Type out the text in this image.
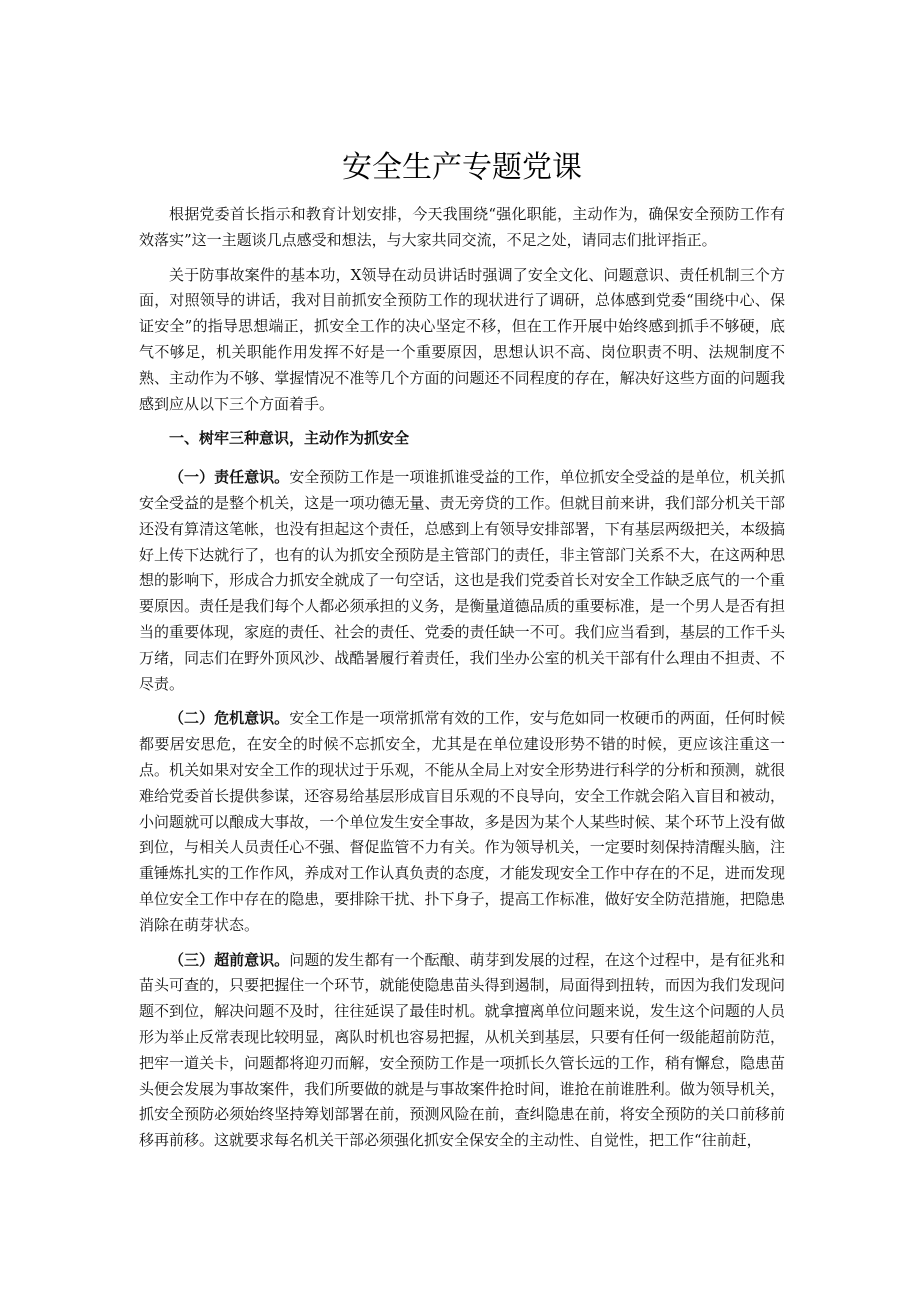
安全生产专题党课

根据党委首长指示和教育计划安排，今天我围绕“强化职能，主动作为，确保安全预防工作有效落实”这一主题谈几点感受和想法，与大家共同交流，不足之处，请同志们批评指正。

关于防事故案件的基本功，X领导在动员讲话时强调了安全文化、问题意识、责任机制三个方面，对照领导的讲话，我对目前抓安全预防工作的现状进行了调研，总体感到党委“围绕中心、保证安全”的指导思想端正，抓安全工作的决心坚定不移，但在工作开展中始终感到抓手不够硬，底气不够足，机关职能作用发挥不好是一个重要原因，思想认识不高、岗位职责不明、法规制度不熟、主动作为不够、掌握情况不准等几个方面的问题还不同程度的存在，解决好这些方面的问题我感到应从以下三个方面着手。

一、树牢三种意识，主动作为抓安全

（一）责任意识。安全预防工作是一项谁抓谁受益的工作，单位抓安全受益的是单位，机关抓安全受益的是整个机关，这是一项功德无量、责无旁贷的工作。但就目前来讲，我们部分机关干部还没有算清这笔帐，也没有担起这个责任，总感到上有领导安排部署，下有基层两级把关，本级搞好上传下达就行了，也有的认为抓安全预防是主管部门的责任，非主管部门关系不大，在这两种思想的影响下，形成合力抓安全就成了一句空话，这也是我们党委首长对安全工作缺乏底气的一个重要原因。责任是我们每个人都必须承担的义务，是衡量道德品质的重要标准，是一个男人是否有担当的重要体现，家庭的责任、社会的责任、党委的责任缺一不可。我们应当看到，基层的工作千头万绪，同志们在野外顶风沙、战酷暑履行着责任，我们坐办公室的机关干部有什么理由不担责、不尽责。

（二）危机意识。安全工作是一项常抓常有效的工作，安与危如同一枚硬币的两面，任何时候都要居安思危，在安全的时候不忘抓安全，尤其是在单位建设形势不错的时候，更应该注重这一点。机关如果对安全工作的现状过于乐观，不能从全局上对安全形势进行科学的分析和预测，就很难给党委首长提供参谋，还容易给基层形成盲目乐观的不良导向，安全工作就会陷入盲目和被动，小问题就可以酿成大事故，一个单位发生安全事故，多是因为某个人某些时候、某个环节上没有做到位，与相关人员责任心不强、督促监管不力有关。作为领导机关，一定要时刻保持清醒头脑，注重锤炼扎实的工作作风，养成对工作认真负责的态度，才能发现安全工作中存在的不足，进而发现单位安全工作中存在的隐患，要排除干扰、扑下身子，提高工作标准，做好安全防范措施，把隐患消除在萌芽状态。

（三）超前意识。问题的发生都有一个酝酿、萌芽到发展的过程，在这个过程中，是有征兆和苗头可查的，只要把握住一个环节，就能使隐患苗头得到遏制，局面得到扭转，而因为我们发现问题不到位，解决问题不及时，往往延误了最佳时机。就拿擅离单位问题来说，发生这个问题的人员形为举止反常表现比较明显，离队时机也容易把握，从机关到基层，只要有任何一级能超前防范，把牢一道关卡，问题都将迎刃而解，安全预防工作是一项抓长久管长远的工作，稍有懈怠，隐患苗头便会发展为事故案件，我们所要做的就是与事故案件抢时间，谁抢在前谁胜利。做为领导机关，抓安全预防必须始终坚持筹划部署在前，预测风险在前，查纠隐患在前，将安全预防的关口前移前移再前移。这就要求每名机关干部必须强化抓安全保安全的主动性、自觉性，把工作“往前赶，
